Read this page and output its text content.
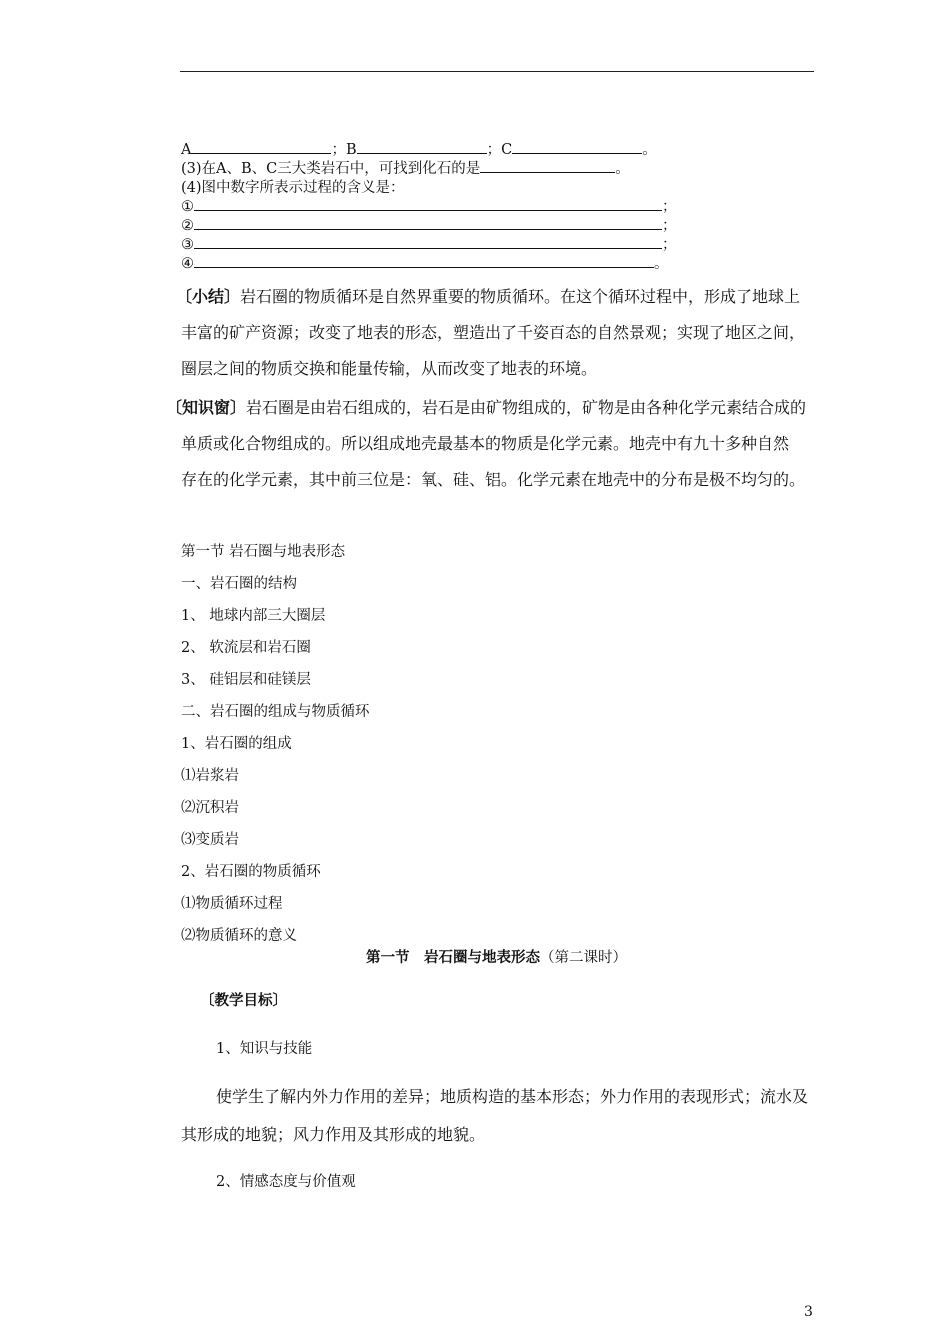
A	；B	；C	。
(3)在A、B、C三大类岩石中，可找到化石的是	。
(4)图中数字所表示过程的含义是：
①	；
②	；
③	；
④	。
〔小结〕岩石圈的物质循环是自然界重要的物质循环。在这个循环过程中，形成了地球上
丰富的矿产资源；改变了地表的形态，塑造出了千姿百态的自然景观；实现了地区之间，
圈层之间的物质交换和能量传输，从而改变了地表的环境。
〔知识窗〕岩石圈是由岩石组成的，岩石是由矿物组成的，矿物是由各种化学元素结合成的
单质或化合物组成的。所以组成地壳最基本的物质是化学元素。地壳中有九十多种自然
存在的化学元素，其中前三位是：氧、硅、铝。化学元素在地壳中的分布是极不均匀的。
第一节 岩石圈与地表形态
一、岩石圈的结构
1、 地球内部三大圈层
2、 软流层和岩石圈
3、 硅铝层和硅镁层
二、岩石圈的组成与物质循环
1、岩石圈的组成
⑴岩浆岩
⑵沉积岩
⑶变质岩
2、岩石圈的物质循环
⑴物质循环过程
⑵物质循环的意义
第一节　岩石圈与地表形态（第二课时）
〔教学目标〕
1、知识与技能
使学生了解内外力作用的差异；地质构造的基本形态；外力作用的表现形式；流水及
其形成的地貌；风力作用及其形成的地貌。
2、情感态度与价值观
3
